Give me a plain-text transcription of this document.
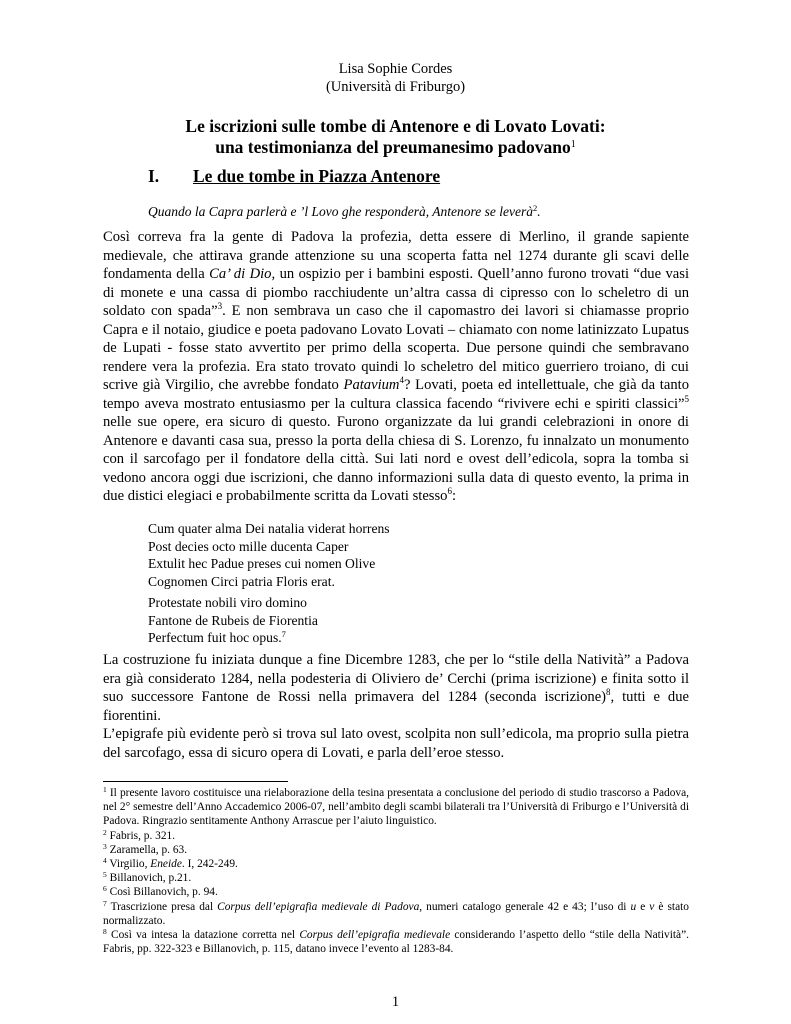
Lisa Sophie Cordes
(Università di Friburgo)
Le iscrizioni sulle tombe di Antenore e di Lovato Lovati:
una testimonianza del preumanesimo padovano$^1$
I. Le due tombe in Piazza Antenore
Quando la Capra parlerà e ’l Lovo ghe responderà, Antenore se leverà$^2$.

Così correva fra la gente di Padova la profezia, detta essere di Merlino, il grande sapiente medievale, che attirava grande attenzione su una scoperta fatta nel 1274 durante gli scavi delle fondamenta della Ca’ di Dio, un ospizio per i bambini esposti. Quell’anno furono trovati “due vasi di monete e una cassa di piombo racchiudente un’altra cassa di cipresso con lo scheletro di un soldato con spada”$^3$. E non sembrava un caso che il capomastro dei lavori si chiamasse proprio Capra e il notaio, giudice e poeta padovano Lovato Lovati – chiamato con nome latinizzato Lupatus de Lupati - fosse stato avvertito per primo della scoperta. Due persone quindi che sembravano rendere vera la profezia. Era stato trovato quindi lo scheletro del mitico guerriero troiano, di cui scrive già Virgilio, che avrebbe fondato Patavium$^4$? Lovati, poeta ed intellettuale, che già da tanto tempo aveva mostrato entusiasmo per la cultura classica facendo “rivivere echi e spiriti classici”$^5$ nelle sue opere, era sicuro di questo. Furono organizzate da lui grandi celebrazioni in onore di Antenore e davanti casa sua, presso la porta della chiesa di S. Lorenzo, fu innalzato un monumento con il sarcofago per il fondatore della città. Sui lati nord e ovest dell’edicola, sopra la tomba si vedono ancora oggi due iscrizioni, che danno informazioni sulla data di questo evento, la prima in due distici elegiaci e probabilmente scritta da Lovati stesso$^6$:

Cum quater alma Dei natalia viderat horrens
Post decies octo mille ducenta Caper
Extulit hec Padue preses cui nomen Olive
Cognomen Circi patria Floris erat.
Protestate nobili viro domino
Fantone de Rubeis de Fiorentia
Perfectum fuit hoc opus.$^7$

La costruzione fu iniziata dunque a fine Dicembre 1283, che per lo “stile della Natività” a Padova era già considerato 1284, nella podesteria di Oliviero de’ Cerchi (prima iscrizione) e finita sotto il suo successore Fantone de Rossi nella primavera del 1284 (seconda iscrizione)$^8$, tutti e due fiorentini.

L’epigrafe più evidente però si trova sul lato ovest, scolpita non sull’edicola, ma proprio sulla pietra del sarcofago, essa di sicuro opera di Lovati, e parla dell’eroe stesso.

$^1$ Il presente lavoro costituisce una rielaborazione della tesina presentata a conclusione del periodo di studio trascorso a Padova, nel 2° semestre dell’Anno Accademico 2006-07, nell’ambito degli scambi bilaterali tra l’Università di Friburgo e l’Università di Padova. Ringrazio sentitamente Anthony Arrascue per l’aiuto linguistico.

$^2$ Fabris, p. 321.

$^3$ Zaramella, p. 63.

$^4$ Virgilio, Eneide. I, 242-249.

$^5$ Billanovich, p.21.

$^6$ Così Billanovich, p. 94.

$^7$ Trascrizione presa dal Corpus dell’epigrafia medievale di Padova, numeri catalogo generale 42 e 43; l’uso di u e v è stato normalizzato.

$^8$ Così va intesa la datazione corretta nel Corpus dell’epigrafia medievale considerando l’aspetto dello “stile della Natività”. Fabris, pp. 322-323 e Billanovich, p. 115, datano invece l’evento al 1283-84.

1
